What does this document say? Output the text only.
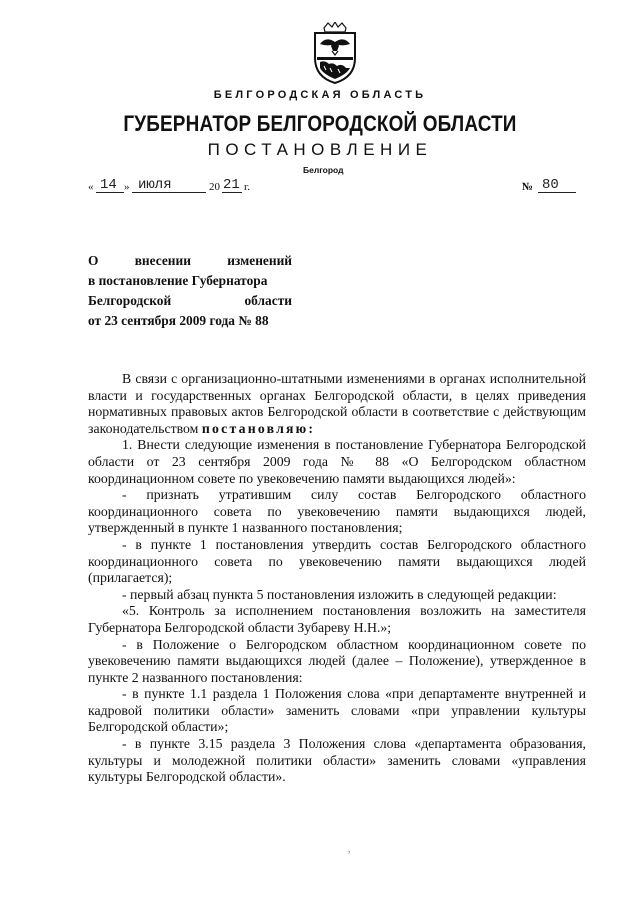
БЕЛГОРОДСКАЯ ОБЛАСТЬ
ГУБЕРНАТОР БЕЛГОРОДСКОЙ ОБЛАСТИ
ПОСТАНОВЛЕНИЕ
Белгород
« 14 » июля	20 21 г.	№ 80
О внесении изменений
в постановление Губернатора
Белгородской области
от 23 сентября 2009 года № 88

В связи с организационно-штатными изменениями в органах исполнительной власти и государственных органах Белгородской области, в целях приведения нормативных правовых актов Белгородской области в соответствие с действующим законодательством постановляю:

1. Внести следующие изменения в постановление Губернатора Белгородской области от 23 сентября 2009 года № 88 «О Белгородском областном координационном совете по увековечению памяти выдающихся людей»:

- признать утратившим силу состав Белгородского областного координационного совета по увековечению памяти выдающихся людей, утвержденный в пункте 1 названного постановления;

- в пункте 1 постановления утвердить состав Белгородского областного координационного совета по увековечению памяти выдающихся людей (прилагается);

- первый абзац пункта 5 постановления изложить в следующей редакции:

«5. Контроль за исполнением постановления возложить на заместителя Губернатора Белгородской области Зубареву Н.Н.»;

- в Положение о Белгородском областном координационном совете по увековечению памяти выдающихся людей (далее – Положение), утвержденное в пункте 2 названного постановления:

- в пункте 1.1 раздела 1 Положения слова «при департаменте внутренней и кадровой политики области» заменить словами «при управлении культуры Белгородской области»;

- в пункте 3.15 раздела 3 Положения слова «департамента образования, культуры и молодежной политики области» заменить словами «управления культуры Белгородской области».

,
